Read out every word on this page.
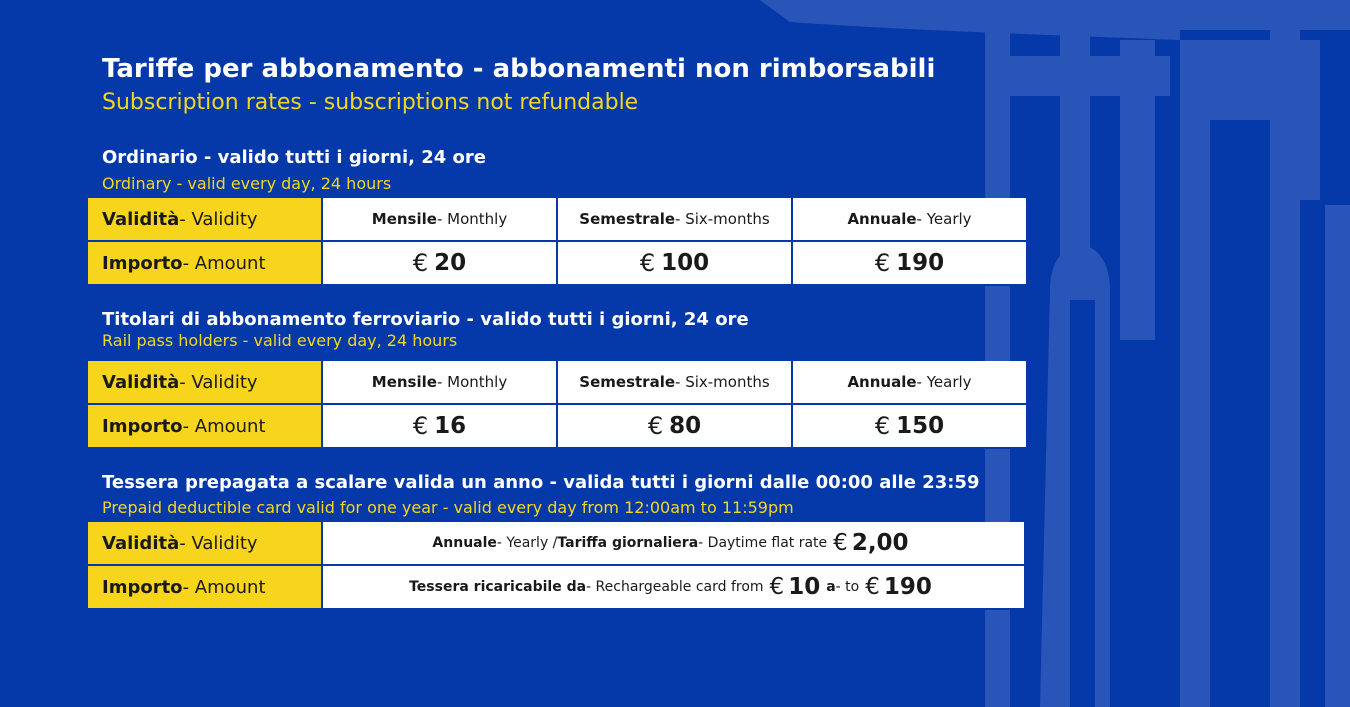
Tariffe per abbonamento - abbonamenti non rimborsabili

Subscription rates - subscriptions not refundable

Ordinario - valido tutti i giorni, 24 ore

Ordinary - valid every day, 24 hours

Validità - Validity	Mensile - Monthly	Semestrale - Six-months	Annuale - Yearly
Importo - Amount	€ 20	€ 100	€ 190

Titolari di abbonamento ferroviario - valido tutti i giorni, 24 ore

Rail pass holders - valid every day, 24 hours

Validità - Validity	Mensile - Monthly	Semestrale - Six-months	Annuale - Yearly
Importo - Amount	€ 16	€ 80	€ 150

Tessera prepagata a scalare valida un anno - valida tutti i giorni dalle 00:00 alle 23:59

Prepaid deductible card valid for one year - valid every day from 12:00am to 11:59pm

Validità - Validity	Annuale - Yearly / Tariffa giornaliera - Daytime flat rate € 2,00
Importo - Amount	Tessera ricaricabile da - Rechargeable card from € 10 a - to € 190
